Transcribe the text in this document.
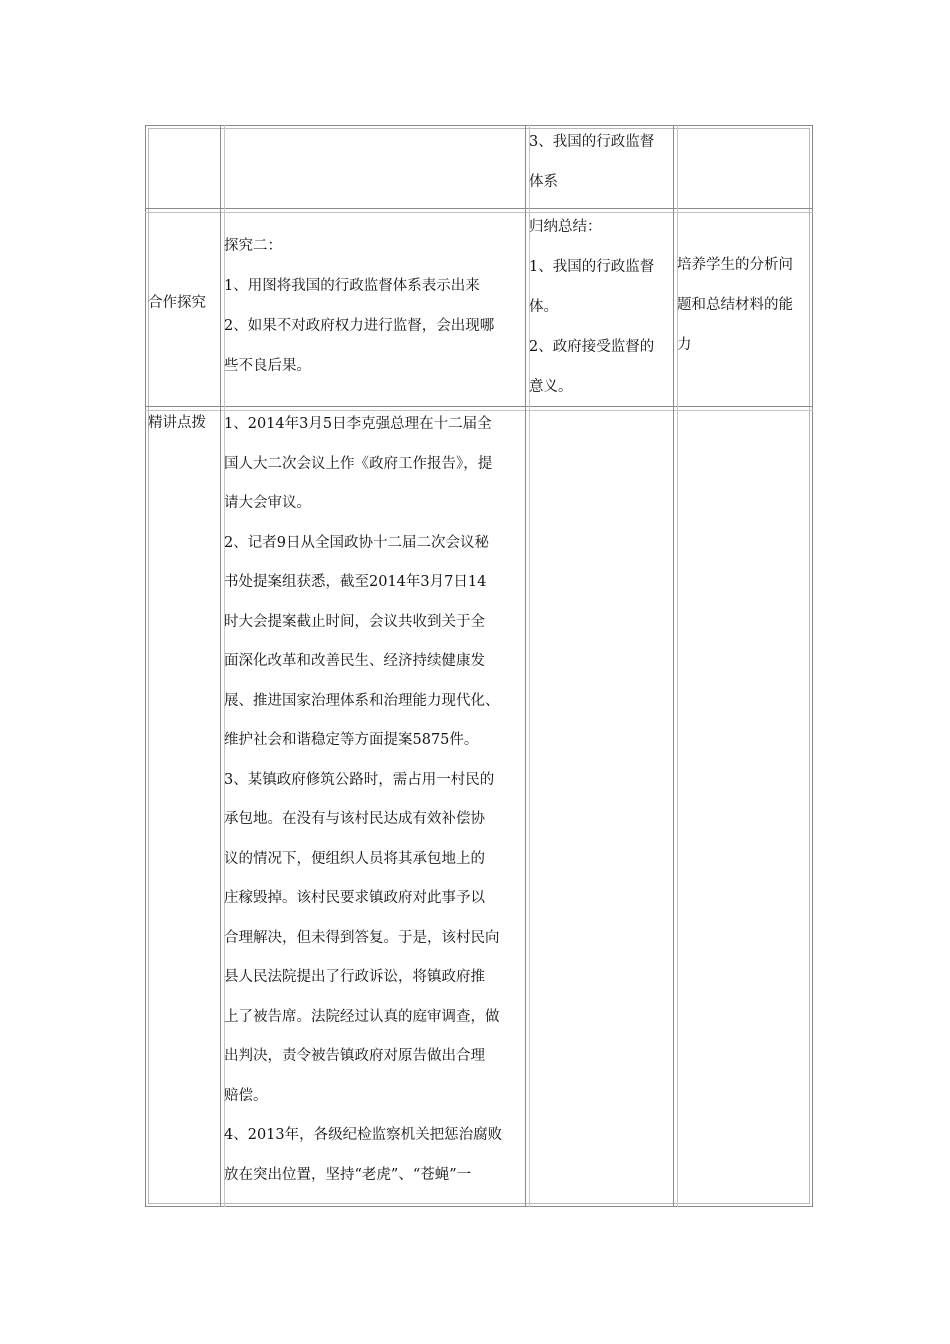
3、我国的行政监督

体系

合作探究

探究二：

1、用图将我国的行政监督体系表示出来

2、如果不对政府权力进行监督，会出现哪

些不良后果。

归纳总结：

1、我国的行政监督

体。

2、政府接受监督的

意义。

培养学生的分析问

题和总结材料的能

力

精讲点拨	1、2014年3月5日李克强总理在十二届全

国人大二次会议上作《政府工作报告》，提

请大会审议。

2、记者9日从全国政协十二届二次会议秘

书处提案组获悉，截至2014年3月7日14

时大会提案截止时间，会议共收到关于全

面深化改革和改善民生、经济持续健康发

展、推进国家治理体系和治理能力现代化、

维护社会和谐稳定等方面提案5875件。

3、某镇政府修筑公路时，需占用一村民的

承包地。在没有与该村民达成有效补偿协

议的情况下，便组织人员将其承包地上的

庄稼毁掉。该村民要求镇政府对此事予以

合理解决，但未得到答复。于是，该村民向

县人民法院提出了行政诉讼，将镇政府推

上了被告席。法院经过认真的庭审调查，做

出判决，责令被告镇政府对原告做出合理

赔偿。

4、2013年，各级纪检监察机关把惩治腐败

放在突出位置，坚持“老虎”、“苍蝇”一
